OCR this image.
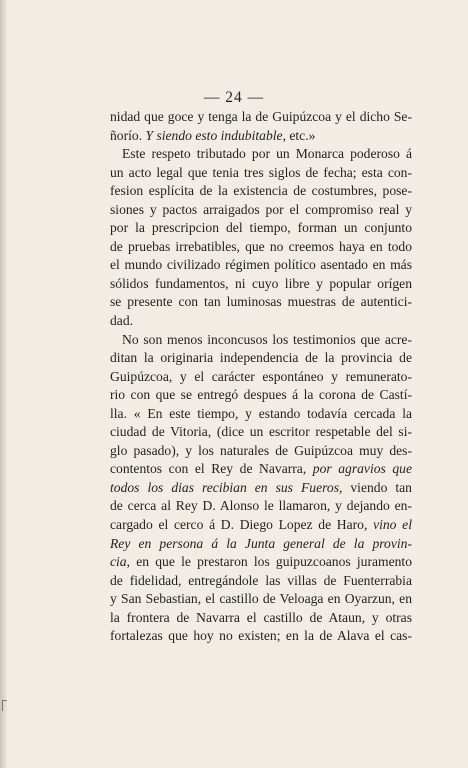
— 24 —
nidad que goce y tenga la de Guipúzcoa y el dicho Se-
ñorío. Y siendo esto indubitable, etc.»
Este respeto tributado por un Monarca poderoso á
un acto legal que tenia tres siglos de fecha; esta con-
fesion esplícita de la existencia de costumbres, pose-
siones y pactos arraigados por el compromiso real y
por la prescripcion del tiempo, forman un conjunto
de pruebas irrebatibles, que no creemos haya en todo
el mundo civilizado régimen político asentado en más
sólidos fundamentos, ni cuyo libre y popular orígen
se presente con tan luminosas muestras de autentici-
dad.
No son menos inconcusos los testimonios que acre-
ditan la originaria independencia de la provincia de
Guipúzcoa, y el carácter espontáneo y remunerato-
rio con que se entregó despues á la corona de Castí-
lla. « En este tiempo, y estando todavía cercada la
ciudad de Vitoria, (dice un escritor respetable del si-
glo pasado), y los naturales de Guipúzcoa muy des-
contentos con el Rey de Navarra, por agravios que
todos los dias recibian en sus Fueros, viendo tan
de cerca al Rey D. Alonso le llamaron, y dejando en-
cargado el cerco á D. Diego Lopez de Haro, vino el
Rey en persona á la Junta general de la provin-
cia, en que le prestaron los guipuzcoanos juramento
de fidelidad, entregándole las villas de Fuenterrabia
y San Sebastian, el castillo de Veloaga en Oyarzun, en
la frontera de Navarra el castillo de Ataun, y otras
fortalezas que hoy no existen; en la de Alava el cas-
